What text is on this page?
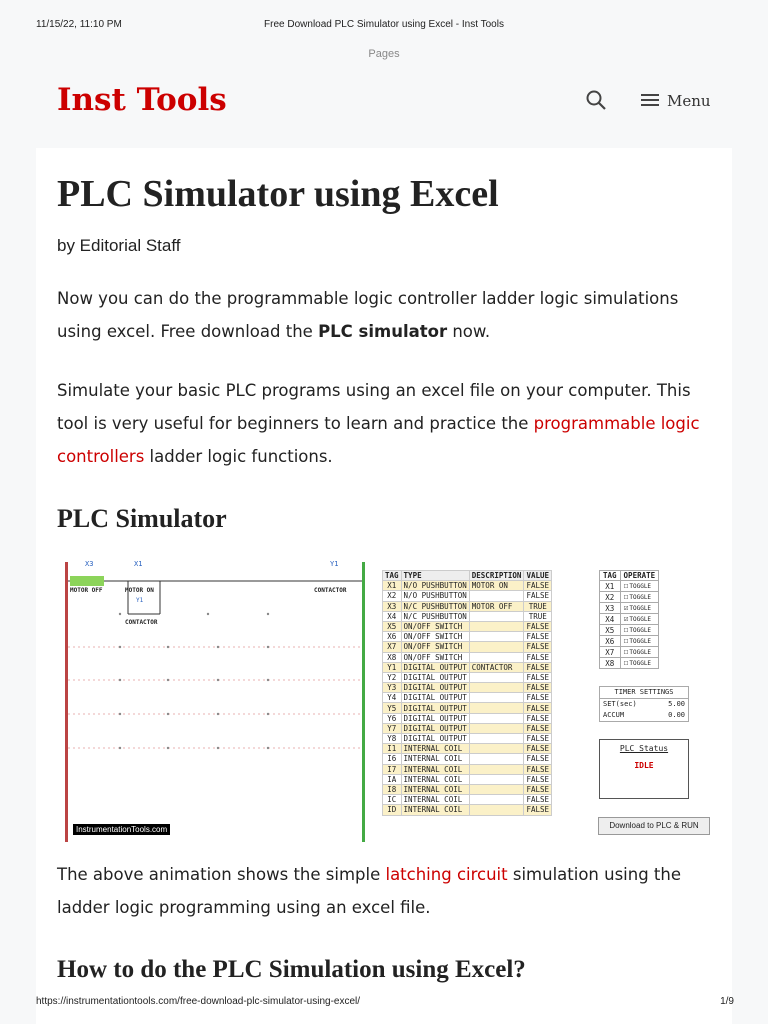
11/15/22, 11:10 PM	Free Download PLC Simulator using Excel - Inst Tools
Pages
Inst Tools	Menu
PLC Simulator using Excel
by Editorial Staff

Now you can do the programmable logic controller ladder logic simulations using excel. Free download the PLC simulator now.

Simulate your basic PLC programs using an excel file on your computer. This tool is very useful for beginners to learn and practice the programmable logic controllers ladder logic functions.

PLC Simulator
X3	X1	Y1
MOTOR OFF	MOTOR ON
Y1
CONTACTOR
CONTACTOR
InstrumentationTools.com
TAG	TYPE	DESCRIPTION	VALUE
X1	N/O PUSHBUTTON	MOTOR ON	FALSE
X2	N/O PUSHBUTTON		FALSE
X3	N/C PUSHBUTTON	MOTOR OFF	TRUE
X4	N/C PUSHBUTTON		TRUE
X5	ON/OFF SWITCH		FALSE
X6	ON/OFF SWITCH		FALSE
X7	ON/OFF SWITCH		FALSE
X8	ON/OFF SWITCH		FALSE
Y1	DIGITAL OUTPUT	CONTACTOR	FALSE
Y2	DIGITAL OUTPUT		FALSE
Y3	DIGITAL OUTPUT		FALSE
Y4	DIGITAL OUTPUT		FALSE
Y5	DIGITAL OUTPUT		FALSE
Y6	DIGITAL OUTPUT		FALSE
Y7	DIGITAL OUTPUT		FALSE
Y8	DIGITAL OUTPUT		FALSE
I1	INTERNAL COIL		FALSE
I6	INTERNAL COIL		FALSE
I7	INTERNAL COIL		FALSE
IA	INTERNAL COIL		FALSE
I8	INTERNAL COIL		FALSE
IC	INTERNAL COIL		FALSE
ID	INTERNAL COIL		FALSE
TAG	OPERATE
X1	☐TOGGLE
X2	☐TOGGLE
X3	☑TOGGLE
X4	☑TOGGLE
X5	☐TOGGLE
X6	☐TOGGLE
X7	☐TOGGLE
X8	☐TOGGLE
TIMER SETTINGS
SET(sec)	5.00
ACCUM	0.00
PLC Status
IDLE
Download to PLC & RUN

The above animation shows the simple latching circuit simulation using the ladder logic programming using an excel file.

How to do the PLC Simulation using Excel?
https://instrumentationtools.com/free-download-plc-simulator-using-excel/	1/9
